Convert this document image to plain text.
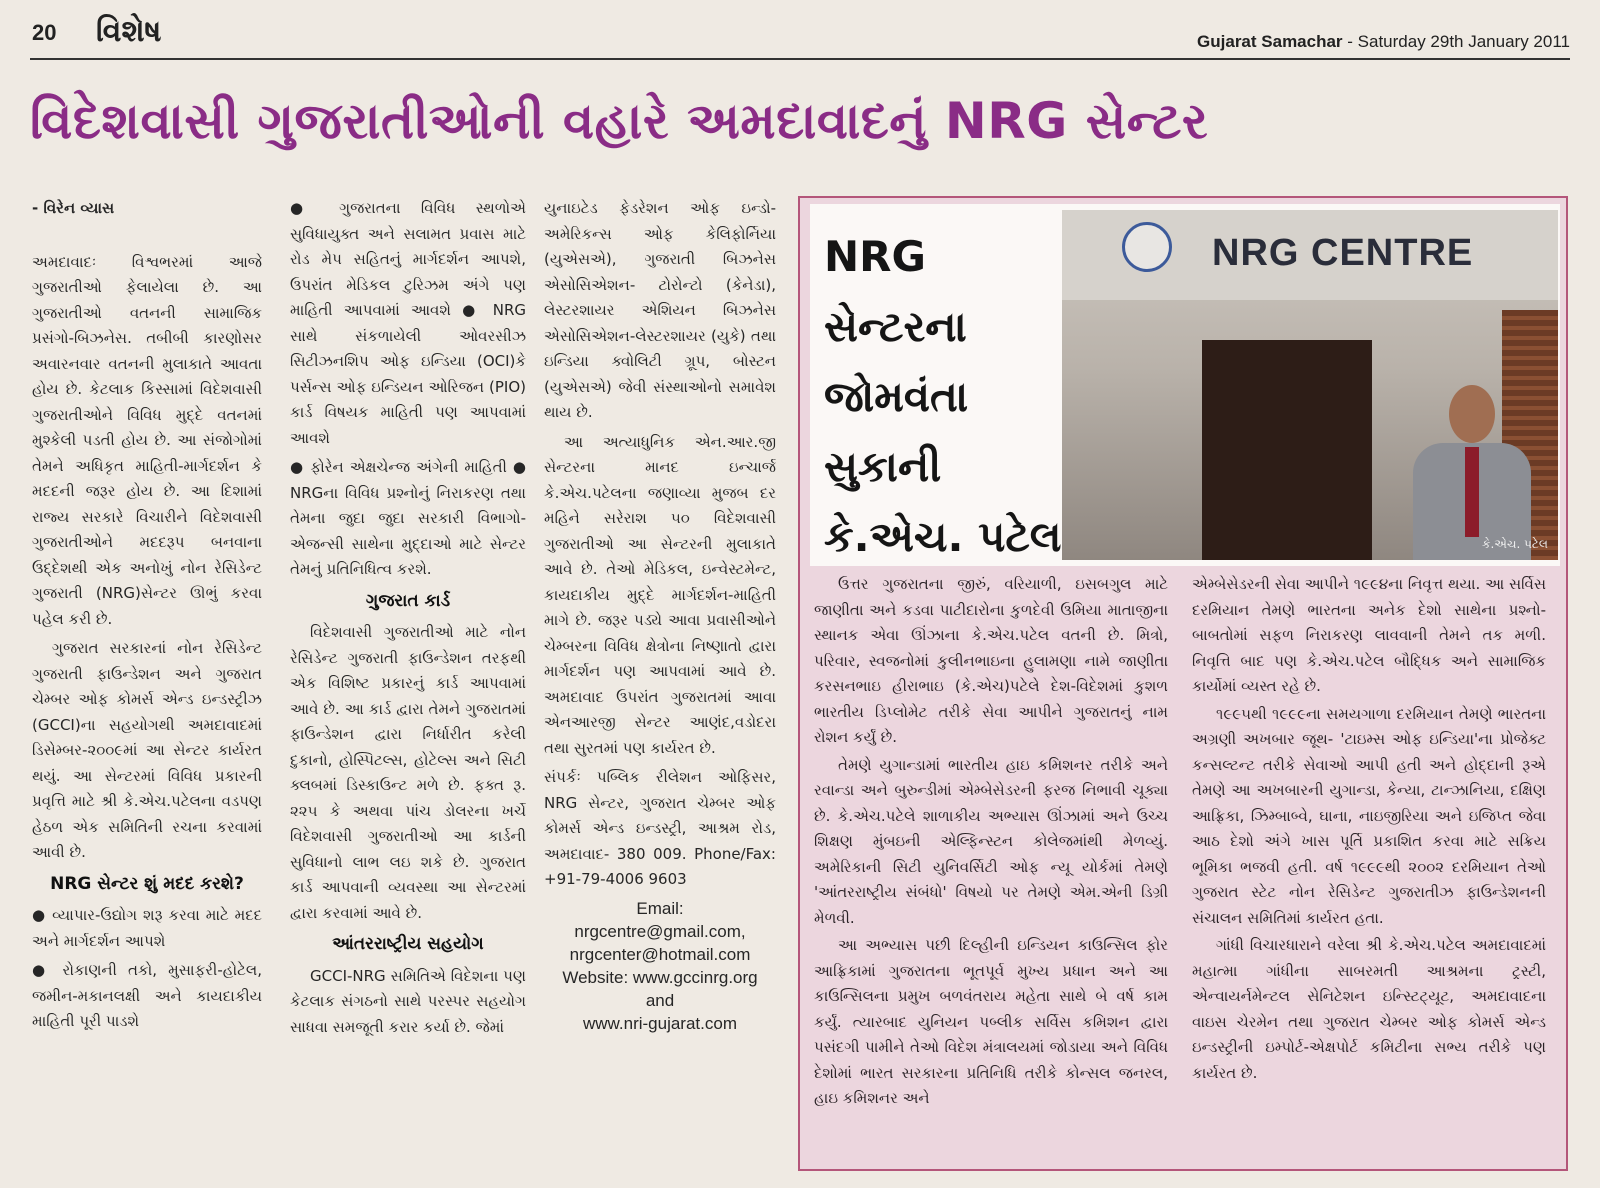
20 વિશેષ	Gujarat Samachar - Saturday 29th January 2011
વિદેશવાસી ગુજરાતીઓની વહારે અમદાવાદનું NRG સેન્ટર

- વિરેન વ્યાસ

અમદાવાદઃ વિશ્વભરમાં આજે ગુજરાતીઓ ફેલાયેલા છે. આ ગુજરાતીઓ વતનની સામાજિક પ્રસંગો-બિઝનેસ. તબીબી કારણોસર અવારનવાર વતનની મુલાકાતે આવતા હોય છે. કેટલાક કિસ્સામાં વિદેશવાસી ગુજરાતીઓને વિવિધ મુદ્દે વતનમાં મુશ્કેલી પડતી હોય છે. આ સંજોગોમાં તેમને અધિકૃત માહિતી-માર્ગદર્શન કે મદદની જરૂર હોય છે. આ દિશામાં રાજ્ય સરકારે વિચારીને વિદેશવાસી ગુજરાતીઓને મદદરૂપ બનવાના ઉદ્દેશથી એક અનોખું નોન રેસિડેન્ટ ગુજરાતી (NRG)સેન્ટર ઊભું કરવા પહેલ કરી છે.

ગુજરાત સરકારનાં નોન રેસિડેન્ટ ગુજરાતી ફાઉન્ડેશન અને ગુજરાત ચેમ્બર ઓફ કોમર્સ એન્ડ ઇન્ડસ્ટ્રીઝ (GCCI)ના સહયોગથી અમદાવાદમાં ડિસેમ્બર-૨૦૦૯માં આ સેન્ટર કાર્યરત થયું. આ સેન્ટરમાં વિવિધ પ્રકારની પ્રવૃત્તિ માટે શ્રી કે.એચ.પટેલના વડપણ હેઠળ એક સમિતિની રચના કરવામાં આવી છે.

NRG સેન્ટર શું મદદ કરશે?

● વ્યાપાર-ઉદ્યોગ શરૂ કરવા માટે મદદ અને માર્ગદર્શન આપશે

● રોકાણની તકો, મુસાફરી-હોટેલ, જમીન-મકાનલક્ષી અને કાયદાકીય માહિતી પૂરી પાડશે

● ગુજરાતના વિવિધ સ્થળોએ સુવિધાયુક્ત અને સલામત પ્રવાસ માટે રોડ મેપ સહિતનું માર્ગદર્શન આપશે, ઉપરાંત મેડિકલ ટુરિઝમ અંગે પણ માહિતી આપવામાં આવશે ● NRG સાથે સંકળાયેલી ઓવરસીઝ સિટીઝનશિપ ઓફ ઇન્ડિયા (OCI)કે પર્સન્સ ઓફ ઇન્ડિયન ઓરિજન (PIO) કાર્ડ વિષયક માહિતી પણ આપવામાં આવશે

● ફોરેન એક્ષચેન્જ અંગેની માહિતી ● NRGના વિવિધ પ્રશ્નોનું નિરાકરણ તથા તેમના જુદા જુદા સરકારી વિભાગો-એજન્સી સાથેના મુદ્દાઓ માટે સેન્ટર તેમનું પ્રતિનિધિત્વ કરશે.

ગુજરાત કાર્ડ

વિદેશવાસી ગુજરાતીઓ માટે નોન રેસિડેન્ટ ગુજરાતી ફાઉન્ડેશન તરફથી એક વિશિષ્ટ પ્રકારનું કાર્ડ આપવામાં આવે છે. આ કાર્ડ દ્વારા તેમને ગુજરાતમાં ફાઉન્ડેશન દ્વારા નિર્ધારીત કરેલી દુકાનો, હોસ્પિટલ્સ, હોટેલ્સ અને સિટી ક્લબમાં ડિસ્કાઉન્ટ મળે છે. ફક્ત રૂ. ૨૨૫ કે અથવા પાંચ ડોલરના ખર્ચે વિદેશવાસી ગુજરાતીઓ આ કાર્ડની સુવિધાનો લાભ લઇ શકે છે. ગુજરાત કાર્ડ આપવાની વ્યવસ્થા આ સેન્ટરમાં દ્વારા કરવામાં આવે છે.

આંતરરાષ્ટ્રીય સહયોગ

GCCI-NRG સમિતિએ વિદેશના પણ કેટલાક સંગઠનો સાથે પરસ્પર સહયોગ સાધવા સમજૂતી કરાર કર્યા છે. જેમાં

યુનાઇટેડ ફેડરેશન ઓફ ઇન્ડો-અમેરિકન્સ ઓફ કેલિફોર્નિયા (યુએસએ), ગુજરાતી બિઝનેસ એસોસિએશન- ટોરોન્ટો (કેનેડા), લેસ્ટરશાયર એશિયન બિઝનેસ એસોસિએશન-લેસ્ટરશાયર (યુકે) તથા ઇન્ડિયા ક્વોલિટી ગ્રૂપ, બોસ્ટન (યુએસએ) જેવી સંસ્થાઓનો સમાવેશ થાય છે.

આ અત્યાધુનિક એન.આર.જી સેન્ટરના માનદ ઇન્ચાર્જ કે.એચ.પટેલના જણાવ્યા મુજબ દર મહિને સરેરાશ ૫૦ વિદેશવાસી ગુજરાતીઓ આ સેન્ટરની મુલાકાતે આવે છે. તેઓ મેડિકલ, ઇન્વેસ્ટમેન્ટ, કાયદાકીય મુદ્દે માર્ગદર્શન-માહિતી માગે છે. જરૂર પડ્યે આવા પ્રવાસીઓને ચેમ્બરના વિવિધ ક્ષેત્રોના નિષ્ણાતો દ્વારા માર્ગદર્શન પણ આપવામાં આવે છે. અમદાવાદ ઉપરાંત ગુજરાતમાં આવા એનઆરજી સેન્ટર આણંદ,વડોદરા તથા સુરતમાં પણ કાર્યરત છે.

સંપર્કઃ પબ્લિક રીલેશન ઓફિસર, NRG સેન્ટર, ગુજરાત ચેમ્બર ઓફ કોમર્સ એન્ડ ઇન્ડસ્ટ્રી, આશ્રમ રોડ, અમદાવાદ- 380 009. Phone/Fax: +91-79-4006 9603

Email:
nrgcentre@gmail.com,
nrgcenter@hotmail.com
Website: www.gccinrg.org
and
www.nri-gujarat.com
NRG
સેન્ટરના
જોમવંતા
સુકાની
કે.એચ. પટેલ
NRG CENTRE
કે.એચ. પટેલ

ઉત્તર ગુજરાતના જીરું, વરિયાળી, ઇસબગુલ માટે જાણીતા અને કડવા પાટીદારોના કુળદેવી ઉમિયા માતાજીના સ્થાનક એવા ઊંઝાના કે.એચ.પટેલ વતની છે. મિત્રો, પરિવાર, સ્વજનોમાં કુલીનભાઇના હુલામણા નામે જાણીતા કરસનભાઇ હીરાભાઇ (કે.એચ)પટેલે દેશ-વિદેશમાં કુશળ ભારતીય ડિપ્લોમેટ તરીકે સેવા આપીને ગુજરાતનું નામ રોશન કર્યું છે.

તેમણે યુગાન્ડામાં ભારતીય હાઇ કમિશનર તરીકે અને રવાન્ડા અને બુરુન્ડીમાં એમ્બેસેડરની ફરજ નિભાવી ચૂક્યા છે. કે.એચ.પટેલે શાળાકીય અભ્યાસ ઊંઝામાં અને ઉચ્ચ શિક્ષણ મુંબઇની એલ્ફિન્સ્ટન કોલેજમાંથી મેળવ્યું. અમેરિકાની સિટી યુનિવર્સિટી ઓફ ન્યૂ યોર્કમાં તેમણે 'આંતરરાષ્ટ્રીય સંબંધો' વિષયો પર તેમણે એમ.એની ડિગ્રી મેળવી.

આ અભ્યાસ પછી દિલ્હીની ઇન્ડિયન કાઉન્સિલ ફોર આફ્રિકામાં ગુજરાતના ભૂતપૂર્વ મુખ્ય પ્રધાન અને આ કાઉન્સિલના પ્રમુખ બળવંતરાય મહેતા સાથે બે વર્ષ કામ કર્યું. ત્યારબાદ યુનિયન પબ્લીક સર્વિસ કમિશન દ્વારા પસંદગી પામીને તેઓ વિદેશ મંત્રાલયમાં જોડાયા અને વિવિધ દેશોમાં ભારત સરકારના પ્રતિનિધિ તરીકે કોન્સલ જનરલ, હાઇ કમિશનર અને

એમ્બેસેડરની સેવા આપીને ૧૯૯૪ના નિવૃત્ત થયા. આ સર્વિસ દરમિયાન તેમણે ભારતના અનેક દેશો સાથેના પ્રશ્નો-બાબતોમાં સફળ નિરાકરણ લાવવાની તેમને તક મળી. નિવૃત્તિ બાદ પણ કે.એચ.પટેલ બૌદ્ધિક અને સામાજિક કાર્યોમાં વ્યસ્ત રહે છે.

૧૯૯૫થી ૧૯૯૯ના સમયગાળા દરમિયાન તેમણે ભારતના અગ્રણી અખબાર જૂથ- 'ટાઇમ્સ ઓફ ઇન્ડિયા'ના પ્રોજેક્ટ કન્સલ્ટન્ટ તરીકે સેવાઓ આપી હતી અને હોદ્દાની રૂએ તેમણે આ અખબારની યુગાન્ડા, કેન્યા, ટાન્ઝાનિયા, દક્ષિણ આફ્રિકા, ઝિમ્બાબ્વે, ઘાના, નાઇજીરિયા અને ઇજિપ્ત જેવા આઠ દેશો અંગે ખાસ પૂર્તિ પ્રકાશિત કરવા માટે સક્રિય ભૂમિકા ભજવી હતી. વર્ષ ૧૯૯૯થી ૨૦૦૨ દરમિયાન તેઓ ગુજરાત સ્ટેટ નોન રેસિડેન્ટ ગુજરાતીઝ ફાઉન્ડેશનની સંચાલન સમિતિમાં કાર્યરત હતા.

ગાંધી વિચારધારાને વરેલા શ્રી કે.એચ.પટેલ અમદાવાદમાં મહાત્મા ગાંધીના સાબરમતી આશ્રમના ટ્રસ્ટી, એન્વાયર્નમેન્ટલ સેનિટેશન ઇન્સ્ટિટ્યૂટ, અમદાવાદના વાઇસ ચેરમેન તથા ગુજરાત ચેમ્બર ઓફ કોમર્સ એન્ડ ઇન્ડસ્ટ્રીની ઇમ્પોર્ટ-એક્ષપોર્ટ કમિટીના સભ્ય તરીકે પણ કાર્યરત છે.
